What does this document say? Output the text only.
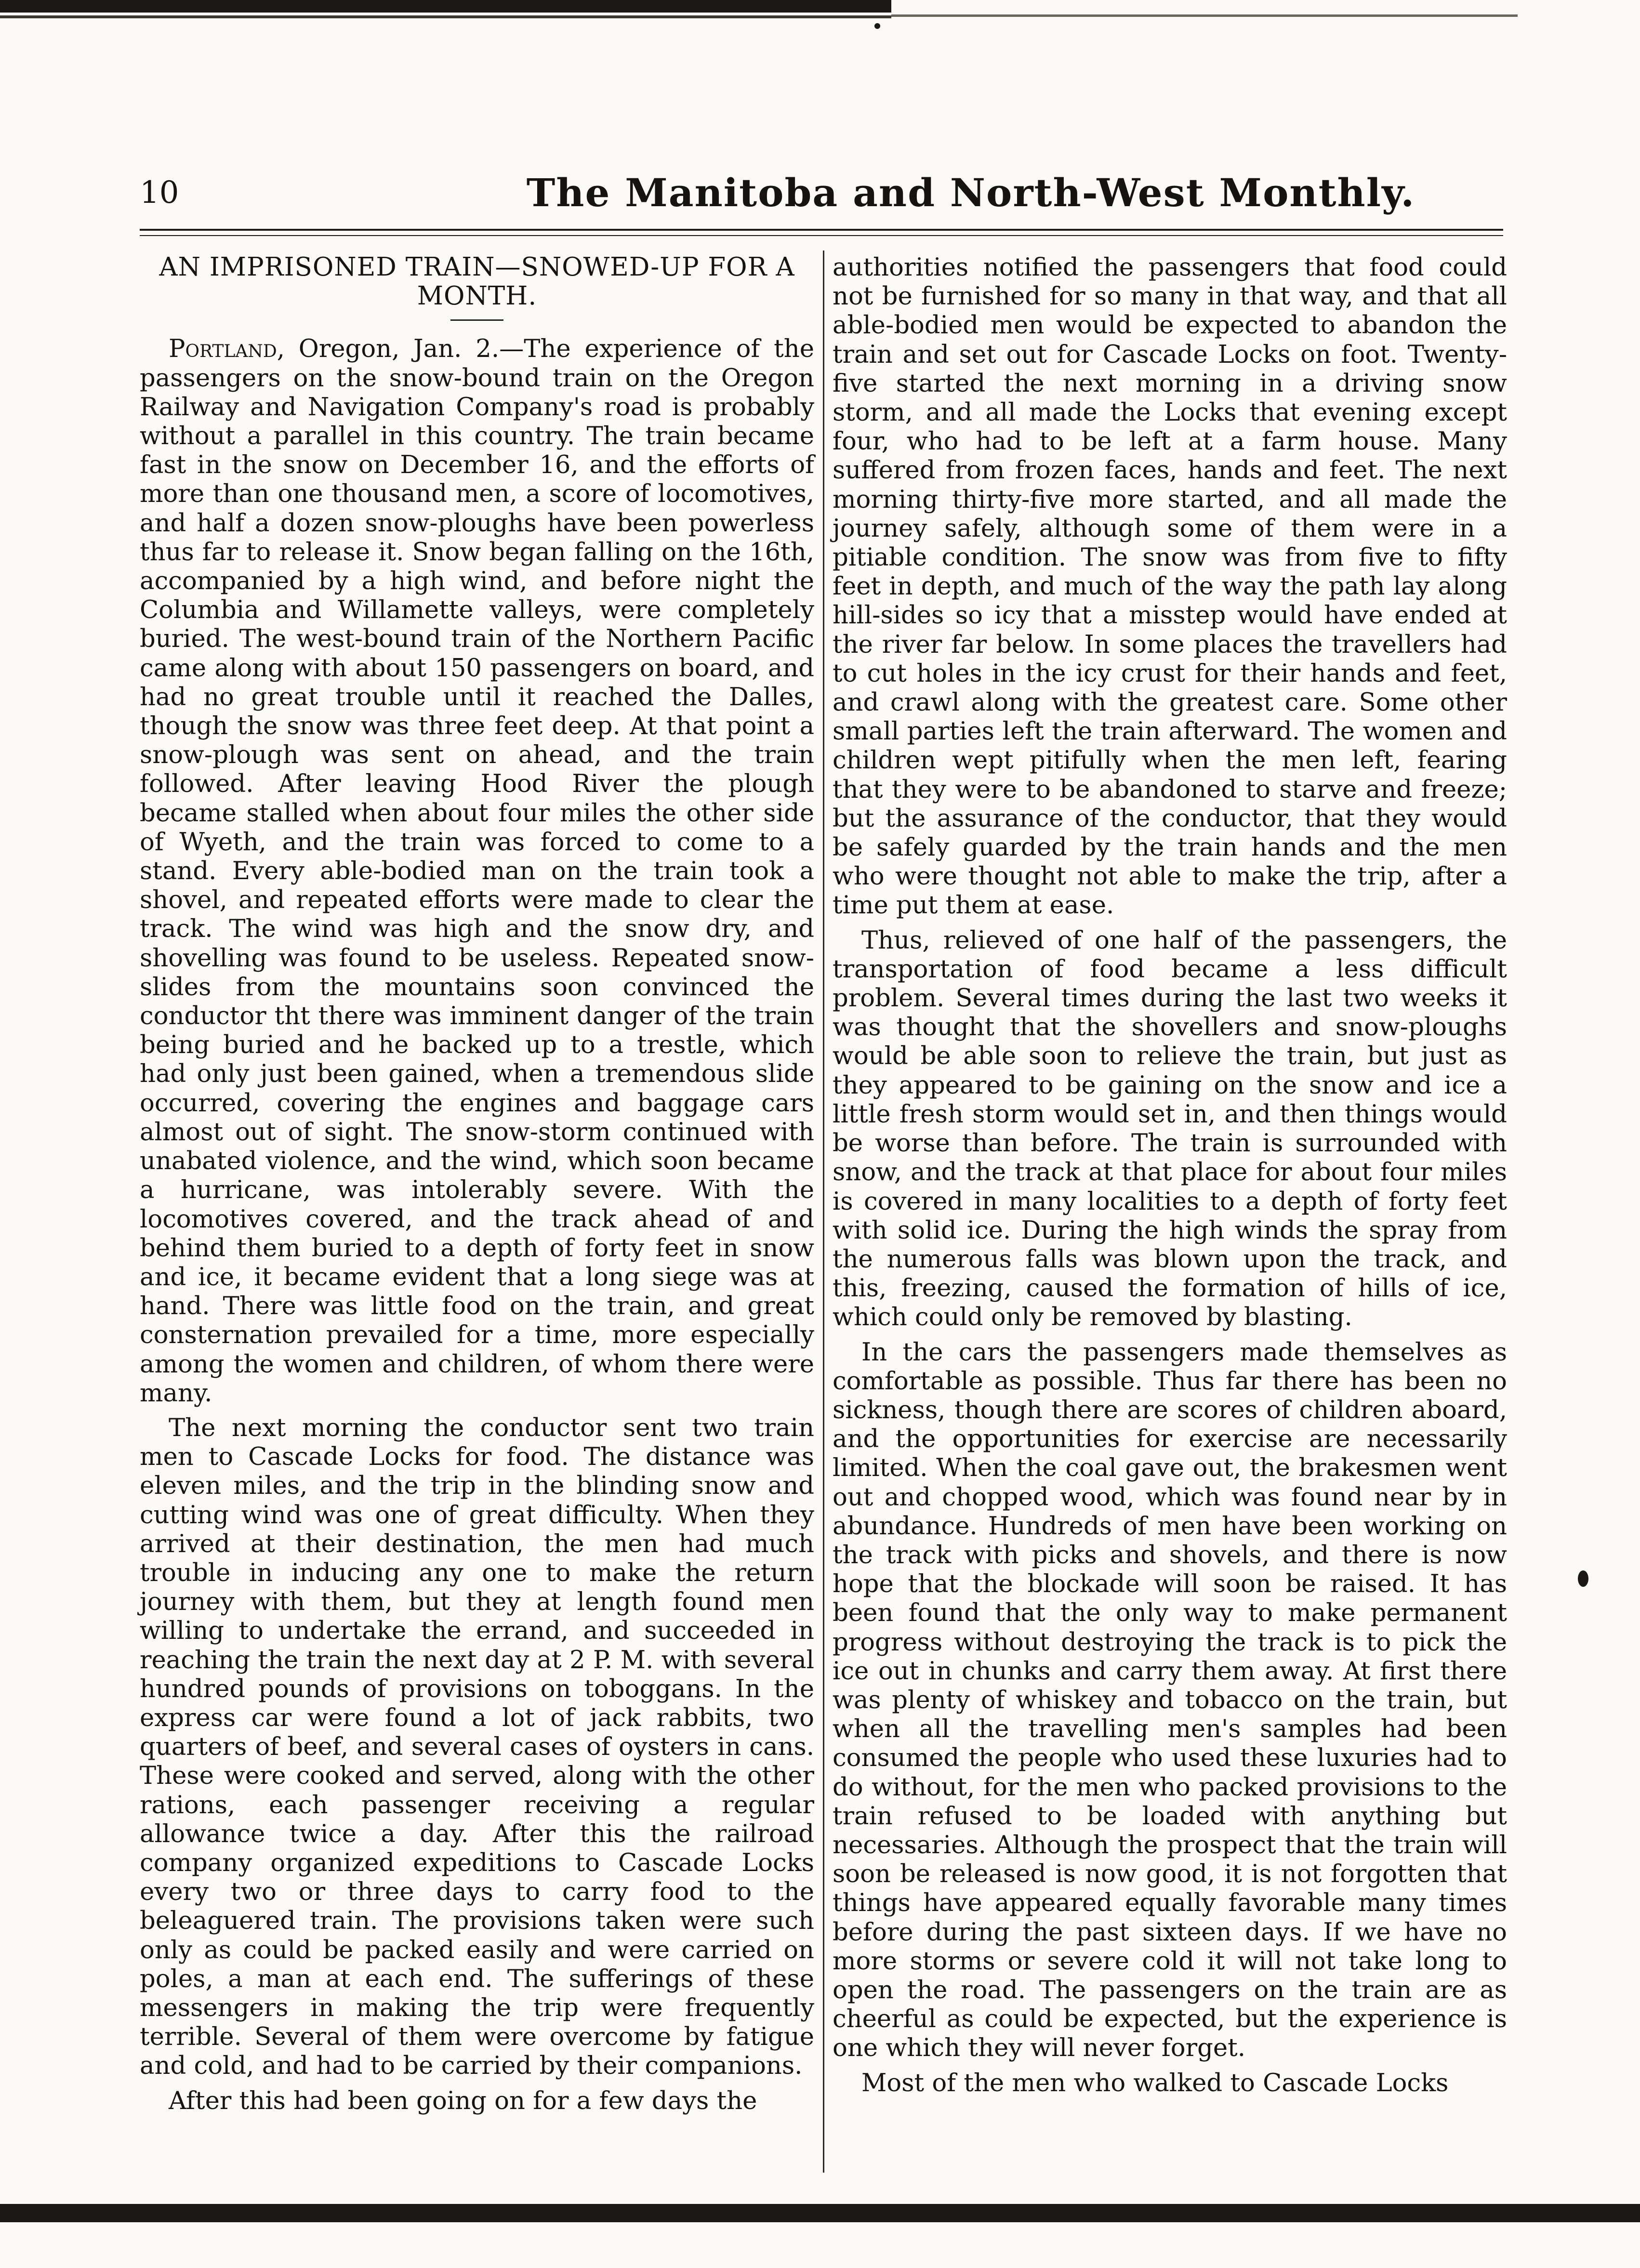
10	The Manitoba and North-West Monthly.
AN IMPRISONED TRAIN—SNOWED-UP FOR A MONTH.

Portland, Oregon, Jan. 2.—The experience of the passengers on the snow-bound train on the Oregon Railway and Navigation Company's road is probably without a parallel in this country. The train became fast in the snow on December 16, and the efforts of more than one thousand men, a score of locomotives, and half a dozen snow-ploughs have been powerless thus far to release it. Snow began falling on the 16th, accompanied by a high wind, and before night the Columbia and Willamette valleys, were completely buried. The west-bound train of the Northern Pacific came along with about 150 passengers on board, and had no great trouble until it reached the Dalles, though the snow was three feet deep. At that point a snow-plough was sent on ahead, and the train followed. After leaving Hood River the plough became stalled when about four miles the other side of Wyeth, and the train was forced to come to a stand. Every able-bodied man on the train took a shovel, and repeated efforts were made to clear the track. The wind was high and the snow dry, and shovelling was found to be useless. Repeated snow-slides from the mountains soon convinced the conductor tht there was imminent danger of the train being buried and he backed up to a trestle, which had only just been gained, when a tremendous slide occurred, covering the engines and baggage cars almost out of sight. The snow-storm continued with unabated violence, and the wind, which soon became a hurricane, was intolerably severe. With the locomotives covered, and the track ahead of and behind them buried to a depth of forty feet in snow and ice, it became evident that a long siege was at hand. There was little food on the train, and great consternation prevailed for a time, more especially among the women and children, of whom there were many.

The next morning the conductor sent two train men to Cascade Locks for food. The distance was eleven miles, and the trip in the blinding snow and cutting wind was one of great difficulty. When they arrived at their destination, the men had much trouble in inducing any one to make the return journey with them, but they at length found men willing to undertake the errand, and succeeded in reaching the train the next day at 2 P. M. with several hundred pounds of provisions on toboggans. In the express car were found a lot of jack rabbits, two quarters of beef, and several cases of oysters in cans. These were cooked and served, along with the other rations, each passenger receiving a regular allowance twice a day. After this the railroad company organized expeditions to Cascade Locks every two or three days to carry food to the beleaguered train. The provisions taken were such only as could be packed easily and were carried on poles, a man at each end. The sufferings of these messengers in making the trip were frequently terrible. Several of them were overcome by fatigue and cold, and had to be carried by their companions.

After this had been going on for a few days the

authorities notified the passengers that food could not be furnished for so many in that way, and that all able-bodied men would be expected to abandon the train and set out for Cascade Locks on foot. Twenty-five started the next morning in a driving snow storm, and all made the Locks that evening except four, who had to be left at a farm house. Many suffered from frozen faces, hands and feet. The next morning thirty-five more started, and all made the journey safely, although some of them were in a pitiable condition. The snow was from five to fifty feet in depth, and much of the way the path lay along hill-sides so icy that a misstep would have ended at the river far below. In some places the travellers had to cut holes in the icy crust for their hands and feet, and crawl along with the greatest care. Some other small parties left the train afterward. The women and children wept pitifully when the men left, fearing that they were to be abandoned to starve and freeze; but the assurance of the conductor, that they would be safely guarded by the train hands and the men who were thought not able to make the trip, after a time put them at ease.

Thus, relieved of one half of the passengers, the transportation of food became a less difficult problem. Several times during the last two weeks it was thought that the shovellers and snow-ploughs would be able soon to relieve the train, but just as they appeared to be gaining on the snow and ice a little fresh storm would set in, and then things would be worse than before. The train is surrounded with snow, and the track at that place for about four miles is covered in many localities to a depth of forty feet with solid ice. During the high winds the spray from the numerous falls was blown upon the track, and this, freezing, caused the formation of hills of ice, which could only be removed by blasting.

In the cars the passengers made themselves as comfortable as possible. Thus far there has been no sickness, though there are scores of children aboard, and the opportunities for exercise are necessarily limited. When the coal gave out, the brakesmen went out and chopped wood, which was found near by in abundance. Hundreds of men have been working on the track with picks and shovels, and there is now hope that the blockade will soon be raised. It has been found that the only way to make permanent progress without destroying the track is to pick the ice out in chunks and carry them away. At first there was plenty of whiskey and tobacco on the train, but when all the travelling men's samples had been consumed the people who used these luxuries had to do without, for the men who packed provisions to the train refused to be loaded with anything but necessaries. Although the prospect that the train will soon be released is now good, it is not forgotten that things have appeared equally favorable many times before during the past sixteen days. If we have no more storms or severe cold it will not take long to open the road. The passengers on the train are as cheerful as could be expected, but the experience is one which they will never forget.

Most of the men who walked to Cascade Locks
